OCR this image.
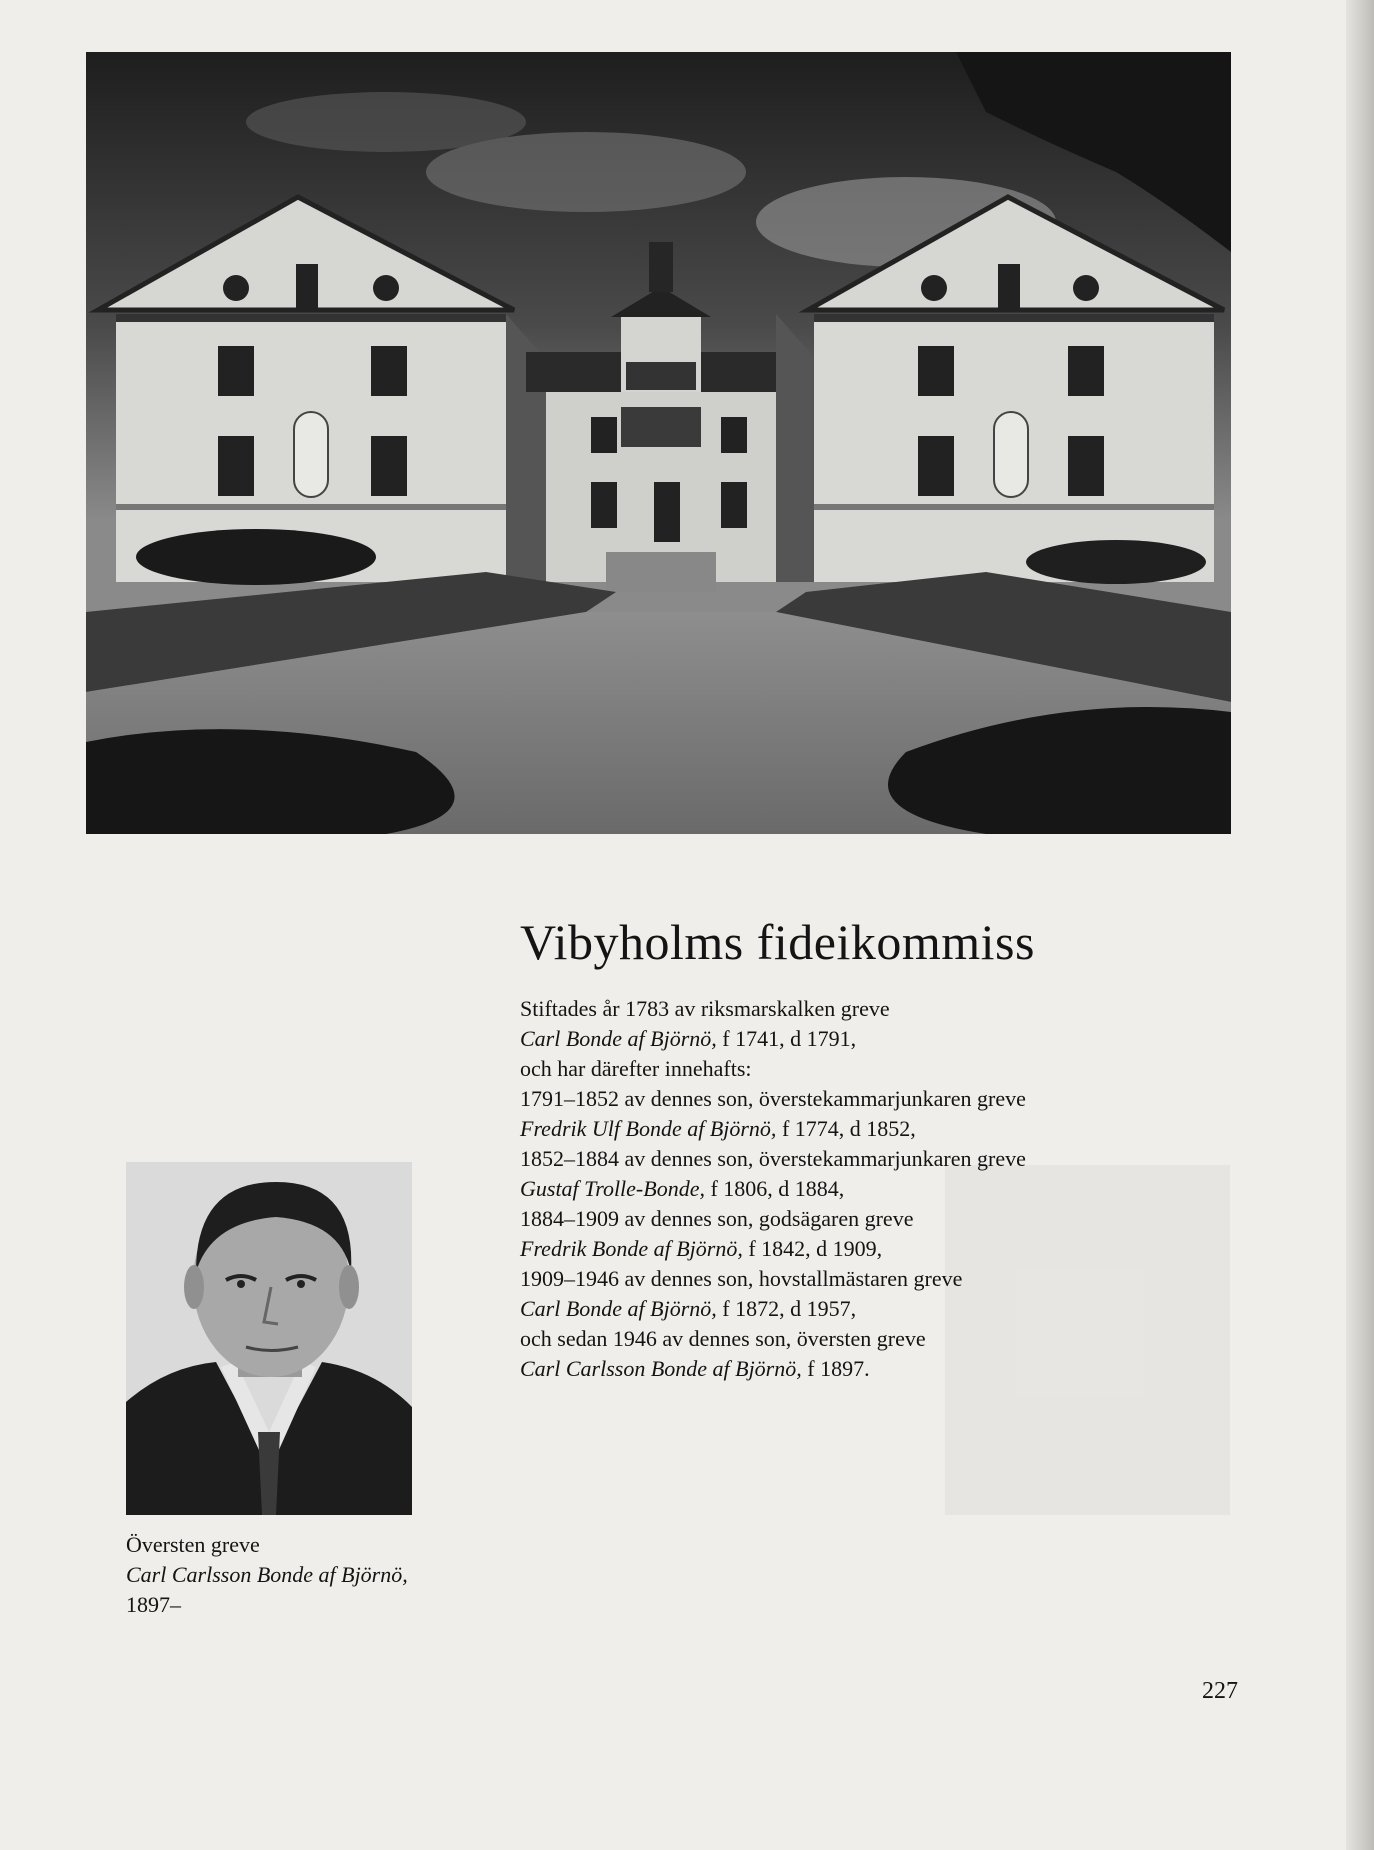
Vibyholms fideikommiss
Stiftades år 1783 av riksmarskalken greve
Carl Bonde af Björnö, f 1741, d 1791,
och har därefter innehafts:
1791–1852 av dennes son, överstekammarjunkaren greve
Fredrik Ulf Bonde af Björnö, f 1774, d 1852,
1852–1884 av dennes son, överstekammarjunkaren greve
Gustaf Trolle-Bonde, f 1806, d 1884,
1884–1909 av dennes son, godsägaren greve
Fredrik Bonde af Björnö, f 1842, d 1909,
1909–1946 av dennes son, hovstallmästaren greve
Carl Bonde af Björnö, f 1872, d 1957,
och sedan 1946 av dennes son, översten greve
Carl Carlsson Bonde af Björnö, f 1897.
Översten greve
Carl Carlsson Bonde af Björnö,
1897–
227
